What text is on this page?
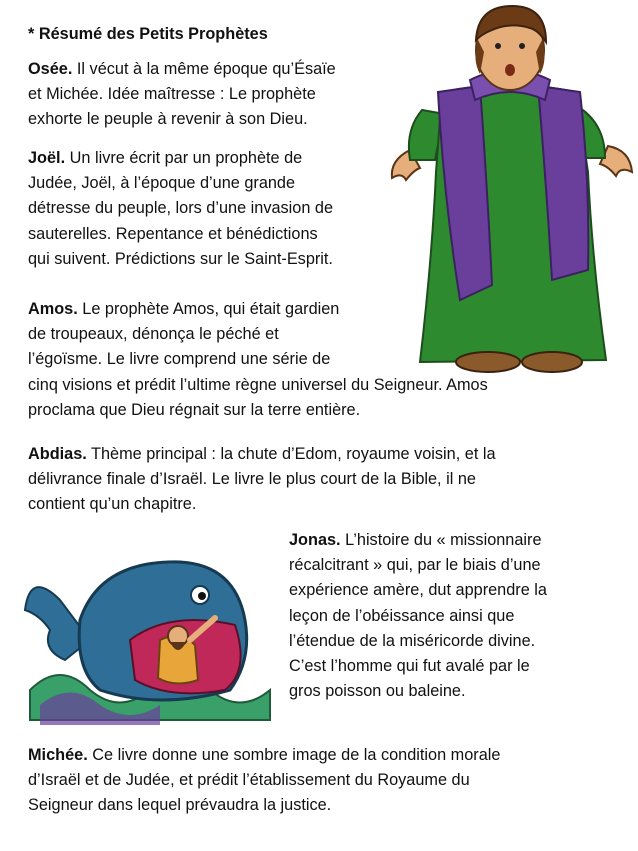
* Résumé des Petits Prophètes
Osée. Il vécut à la même époque qu’Ésaïe
et Michée. Idée maîtresse : Le prophète
exhorte le peuple à revenir à son Dieu.
Joël. Un livre écrit par un prophète de
Judée, Joël, à l’époque d’une grande
détresse du peuple, lors d’une invasion de
sauterelles. Repentance et bénédictions
qui suivent. Prédictions sur le Saint-Esprit.
Amos. Le prophète Amos, qui était gardien
de troupeaux, dénonça le péché et
l’égoïsme. Le livre comprend une série de
cinq visions et prédit l’ultime règne universel du Seigneur. Amos
proclama que Dieu régnait sur la terre entière.
Abdias. Thème principal : la chute d’Edom, royaume voisin, et la
délivrance finale d’Israël. Le livre le plus court de la Bible, il ne
contient qu’un chapitre.
Jonas. L’histoire du « missionnaire
récalcitrant » qui, par le biais d’une
expérience amère, dut apprendre la
leçon de l’obéissance ainsi que
l’étendue de la miséricorde divine.
C’est l’homme qui fut avalé par le
gros poisson ou baleine.
Michée. Ce livre donne une sombre image de la condition morale
d’Israël et de Judée, et prédit l’établissement du Royaume du
Seigneur dans lequel prévaudra la justice.
